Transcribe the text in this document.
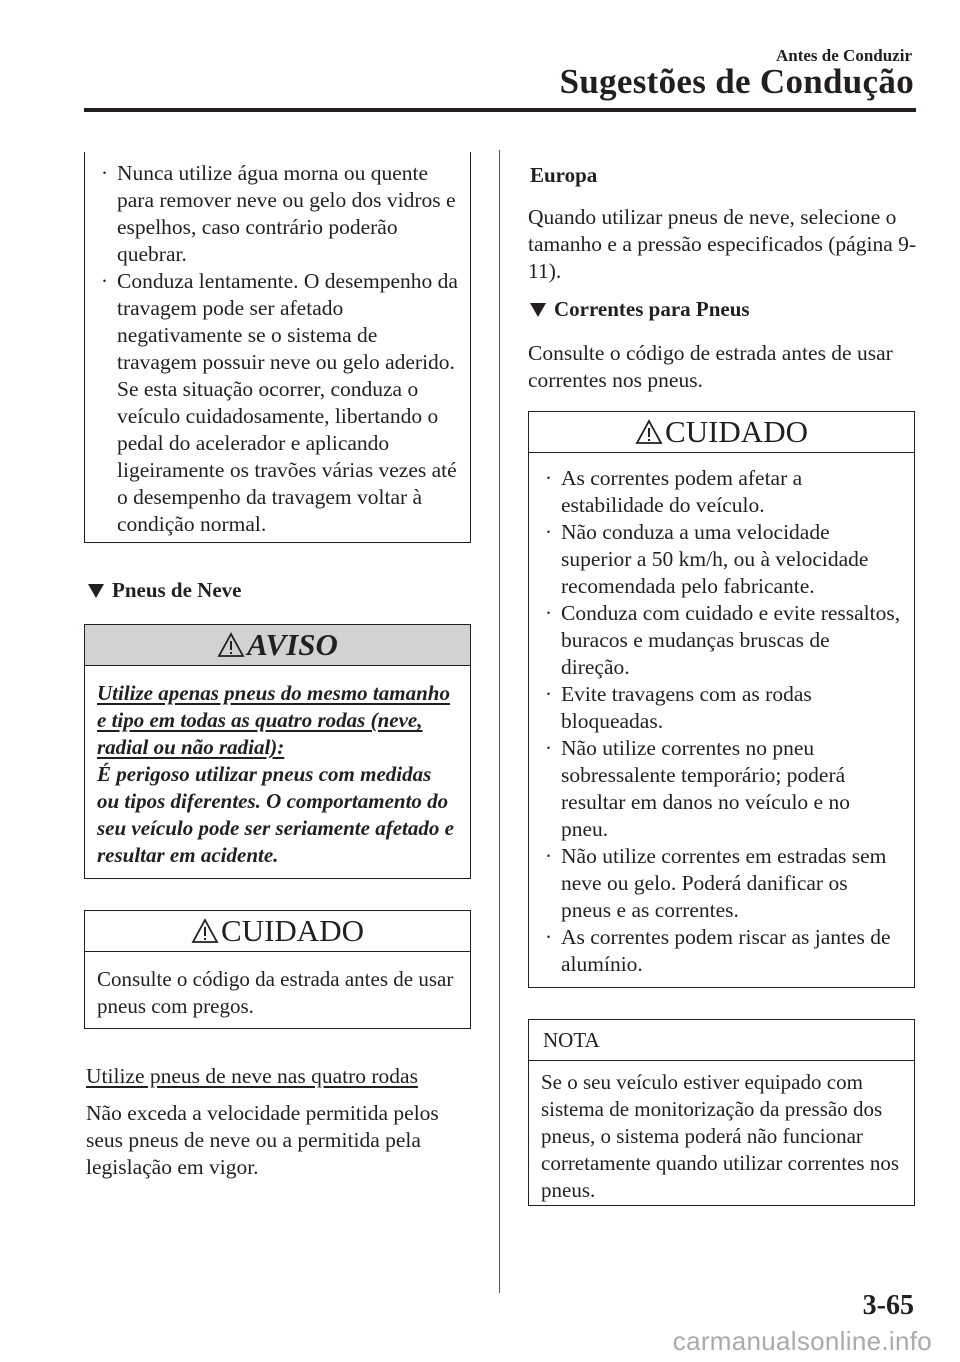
Antes de Conduzir
Sugestões de Condução
· Nunca utilize água morna ou quente para remover neve ou gelo dos vidros e espelhos, caso contrário poderão quebrar.
· Conduza lentamente. O desempenho da travagem pode ser afetado negativamente se o sistema de travagem possuir neve ou gelo aderido. Se esta situação ocorrer, conduza o veículo cuidadosamente, libertando o pedal do acelerador e aplicando ligeiramente os travões várias vezes até o desempenho da travagem voltar à condição normal.
Pneus de Neve
AVISO
Utilize apenas pneus do mesmo tamanho e tipo em todas as quatro rodas (neve, radial ou não radial):
É perigoso utilizar pneus com medidas ou tipos diferentes. O comportamento do seu veículo pode ser seriamente afetado e resultar em acidente.
CUIDADO
Consulte o código da estrada antes de usar pneus com pregos.
Utilize pneus de neve nas quatro rodas
Não exceda a velocidade permitida pelos seus pneus de neve ou a permitida pela legislação em vigor.
Europa
Quando utilizar pneus de neve, selecione o tamanho e a pressão especificados (página 9-11).
Correntes para Pneus
Consulte o código de estrada antes de usar correntes nos pneus.
CUIDADO
· As correntes podem afetar a estabilidade do veículo.
· Não conduza a uma velocidade superior a 50 km/h, ou à velocidade recomendada pelo fabricante.
· Conduza com cuidado e evite ressaltos, buracos e mudanças bruscas de direção.
· Evite travagens com as rodas bloqueadas.
· Não utilize correntes no pneu sobressalente temporário; poderá resultar em danos no veículo e no pneu.
· Não utilize correntes em estradas sem neve ou gelo. Poderá danificar os pneus e as correntes.
· As correntes podem riscar as jantes de alumínio.
NOTA
Se o seu veículo estiver equipado com sistema de monitorização da pressão dos pneus, o sistema poderá não funcionar corretamente quando utilizar correntes nos pneus.
3-65
carmanualsonline.info
